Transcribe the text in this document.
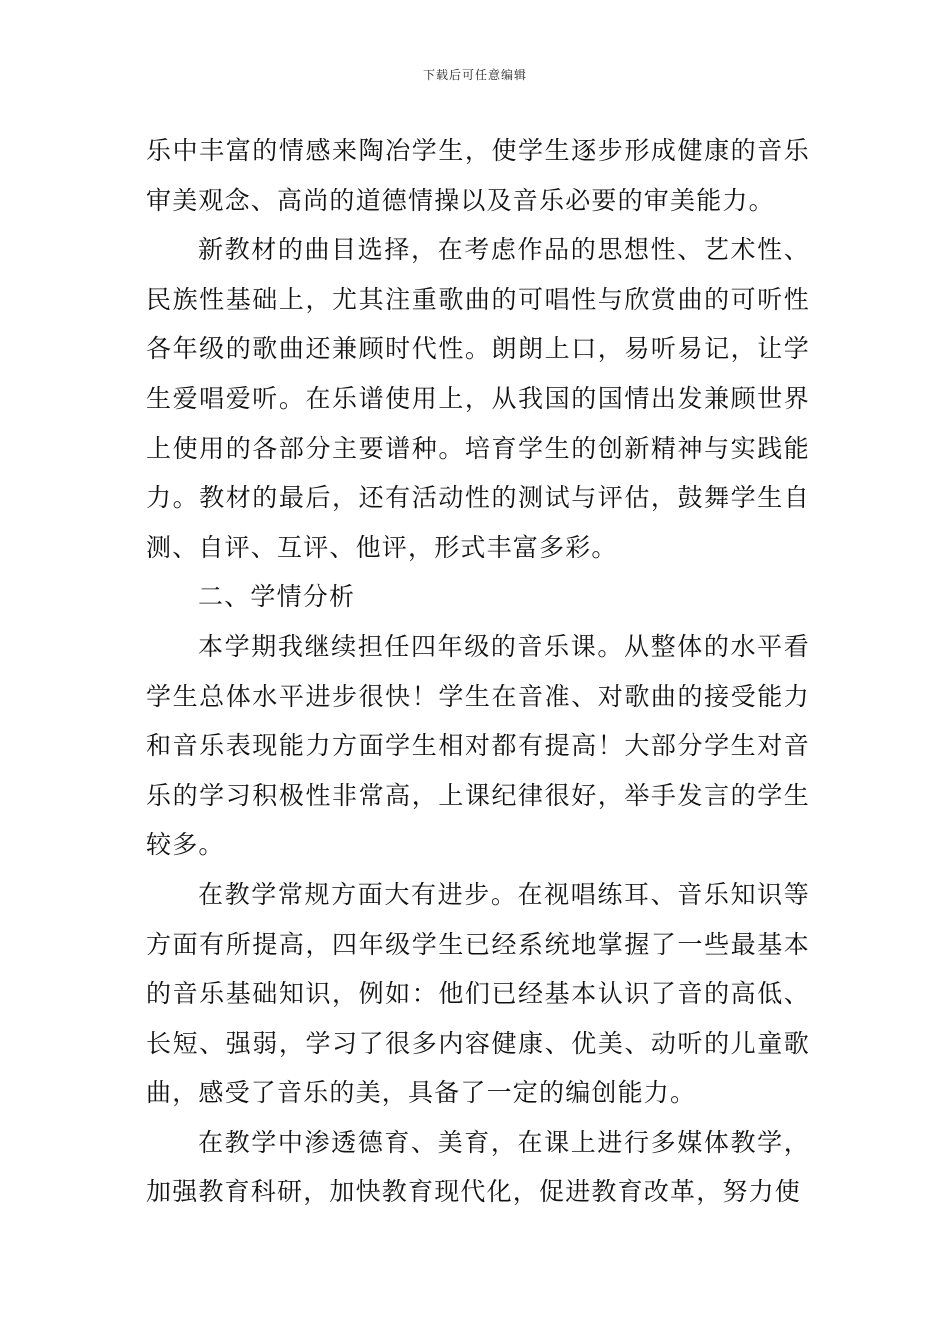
下载后可任意编辑

乐中丰富的情感来陶冶学生，使学生逐步形成健康的音乐审美观念、高尚的道德情操以及音乐必要的审美能力。

新教材的曲目选择，在考虑作品的思想性、艺术性、民族性基础上，尤其注重歌曲的可唱性与欣赏曲的可听性各年级的歌曲还兼顾时代性。朗朗上口，易听易记，让学生爱唱爱听。在乐谱使用上，从我国的国情出发兼顾世界上使用的各部分主要谱种。培育学生的创新精神与实践能力。教材的最后，还有活动性的测试与评估，鼓舞学生自测、自评、互评、他评，形式丰富多彩。

二、学情分析

本学期我继续担任四年级的音乐课。从整体的水平看学生总体水平进步很快！学生在音准、对歌曲的接受能力和音乐表现能力方面学生相对都有提高！大部分学生对音乐的学习积极性非常高，上课纪律很好，举手发言的学生较多。

在教学常规方面大有进步。在视唱练耳、音乐知识等方面有所提高，四年级学生已经系统地掌握了一些最基本的音乐基础知识，例如：他们已经基本认识了音的高低、长短、强弱，学习了很多内容健康、优美、动听的儿童歌曲，感受了音乐的美，具备了一定的编创能力。

在教学中渗透德育、美育，在课上进行多媒体教学，加强教育科研，加快教育现代化，促进教育改革，努力使
